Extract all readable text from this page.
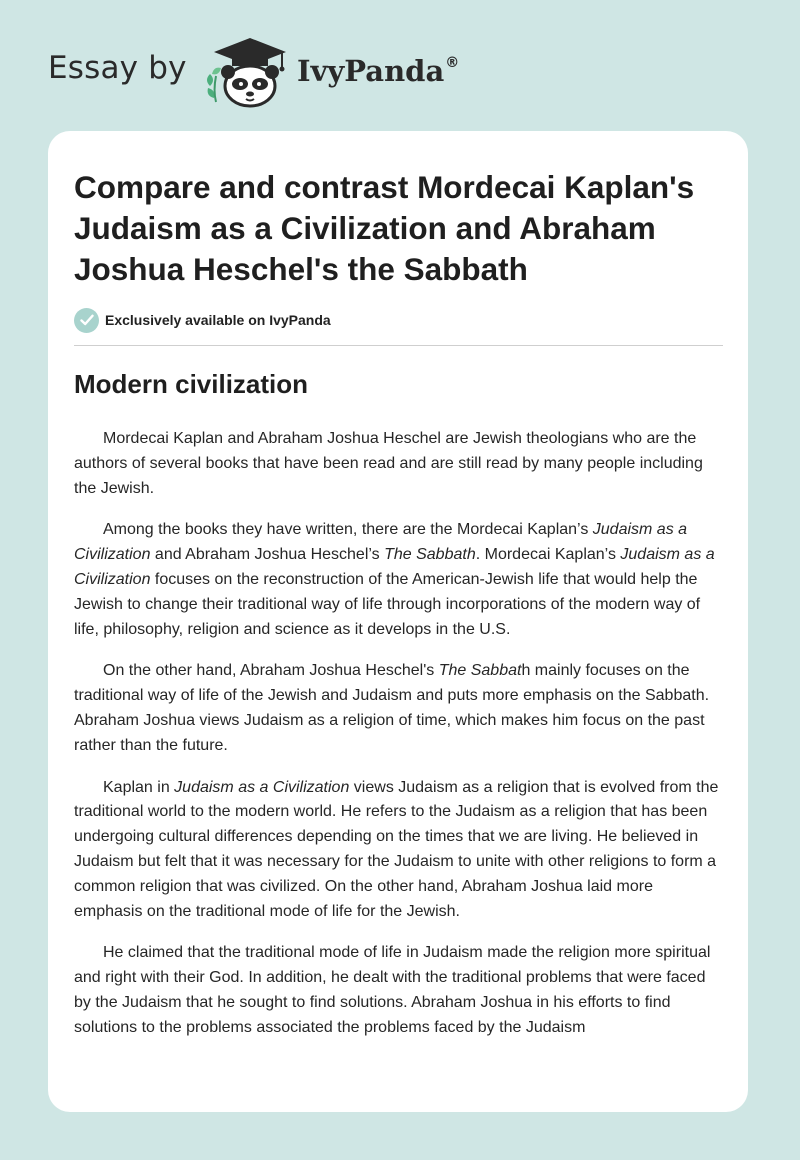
Essay by	IvyPanda®
Compare and contrast Mordecai Kaplan's Judaism as a Civilization and Abraham Joshua Heschel's the Sabbath
Exclusively available on IvyPanda
Modern civilization

Mordecai Kaplan and Abraham Joshua Heschel are Jewish theologians who are the authors of several books that have been read and are still read by many people including the Jewish.

Among the books they have written, there are the Mordecai Kaplan’s Judaism as a Civilization and Abraham Joshua Heschel’s The Sabbath. Mordecai Kaplan’s Judaism as a Civilization focuses on the reconstruction of the American-Jewish life that would help the Jewish to change their traditional way of life through incorporations of the modern way of life, philosophy, religion and science as it develops in the U.S.

On the other hand, Abraham Joshua Heschel's The Sabbath mainly focuses on the traditional way of life of the Jewish and Judaism and puts more emphasis on the Sabbath. Abraham Joshua views Judaism as a religion of time, which makes him focus on the past rather than the future.

Kaplan in Judaism as a Civilization views Judaism as a religion that is evolved from the traditional world to the modern world. He refers to the Judaism as a religion that has been undergoing cultural differences depending on the times that we are living. He believed in Judaism but felt that it was necessary for the Judaism to unite with other religions to form a common religion that was civilized. On the other hand, Abraham Joshua laid more emphasis on the traditional mode of life for the Jewish.

He claimed that the traditional mode of life in Judaism made the religion more spiritual and right with their God. In addition, he dealt with the traditional problems that were faced by the Judaism that he sought to find solutions. Abraham Joshua in his efforts to find solutions to the problems associated the problems faced by the Judaism
